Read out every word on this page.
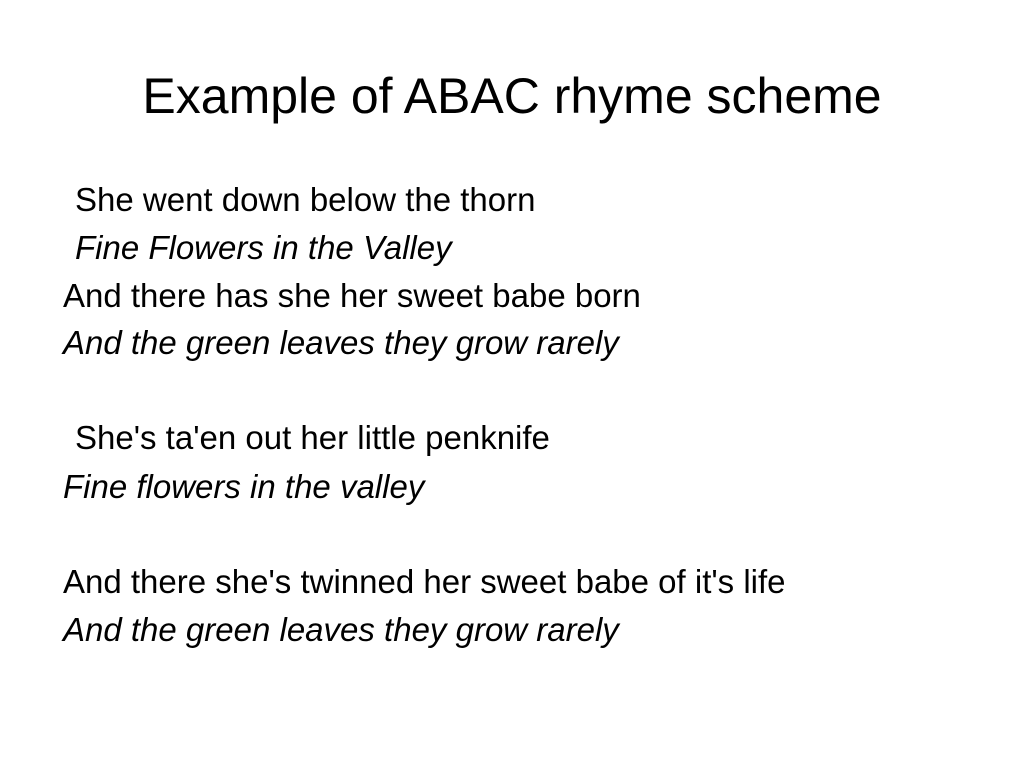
Example of ABAC rhyme scheme
She went down below the thorn
Fine Flowers in the Valley
And there has she her sweet babe born
And the green leaves they grow rarely
She's ta'en out her little penknife
Fine flowers in the valley
And there she's twinned her sweet babe of it's life
And the green leaves they grow rarely
